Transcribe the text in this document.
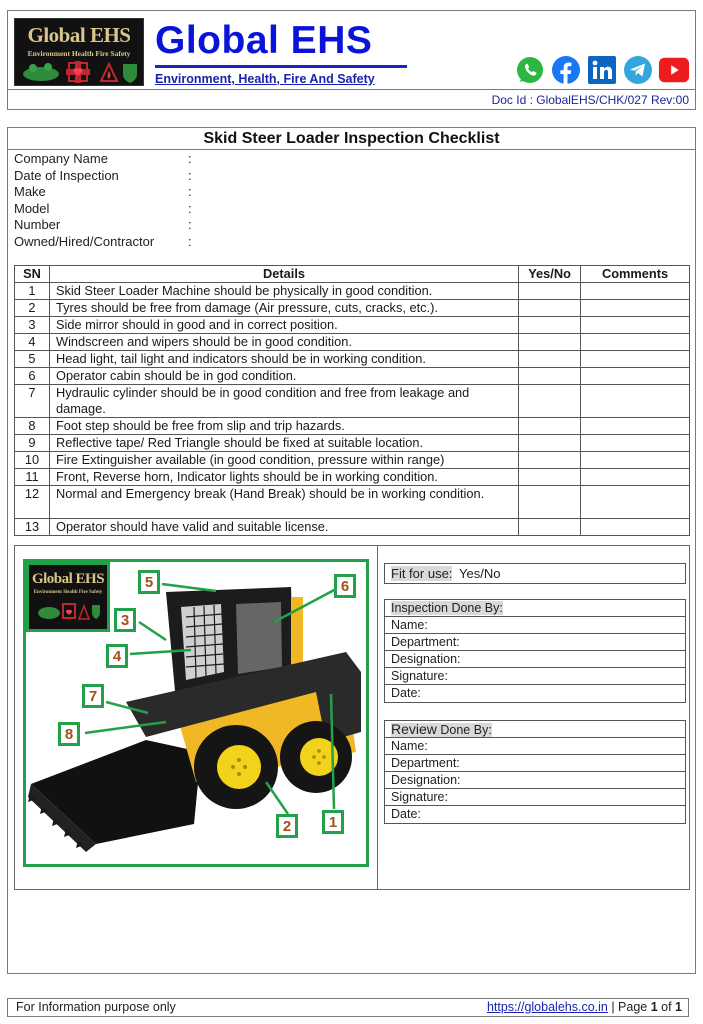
Global EHS
Environment Health Fire Safety Global EHS
Environment, Health, Fire And Safety
Doc Id : GlobalEHS/CHK/027 Rev:00
Skid Steer Loader Inspection Checklist
Company Name	:
Date of Inspection	:
Make	:
Model	:
Number	:
Owned/Hired/Contractor	:
SN	Details	Yes/No	Comments
1	Skid Steer Loader Machine should be physically in good condition.		
2	Tyres should be free from damage (Air pressure, cuts, cracks, etc.).		
3	Side mirror should in good and in correct position.		
4	Windscreen and wipers should be in good condition.		
5	Head light, tail light and indicators should be in working condition.		
6	Operator cabin should be in god condition.		
7	Hydraulic cylinder should be in good condition and free from leakage and damage.		
8	Foot step should be free from slip and trip hazards.		
9	Reflective tape/ Red Triangle should be fixed at suitable location.		
10	Fire Extinguisher available (in good condition, pressure within range)		
11	Front, Reverse horn, Indicator lights should be in working condition.		
12	Normal and Emergency break (Hand Break) should be in working condition.		
13	Operator should have valid and suitable license.		
Global EHS
Environment Health Fire Safety
5	6
3
4
7
8
2	1
Fit for use: Yes/No
Inspection Done By:
Name:
Department:
Designation:
Signature:
Date:
Review Done By:
Name:
Department:
Designation:
Signature:
Date:
For Information purpose only	https://globalehs.co.in | Page 1 of 1
